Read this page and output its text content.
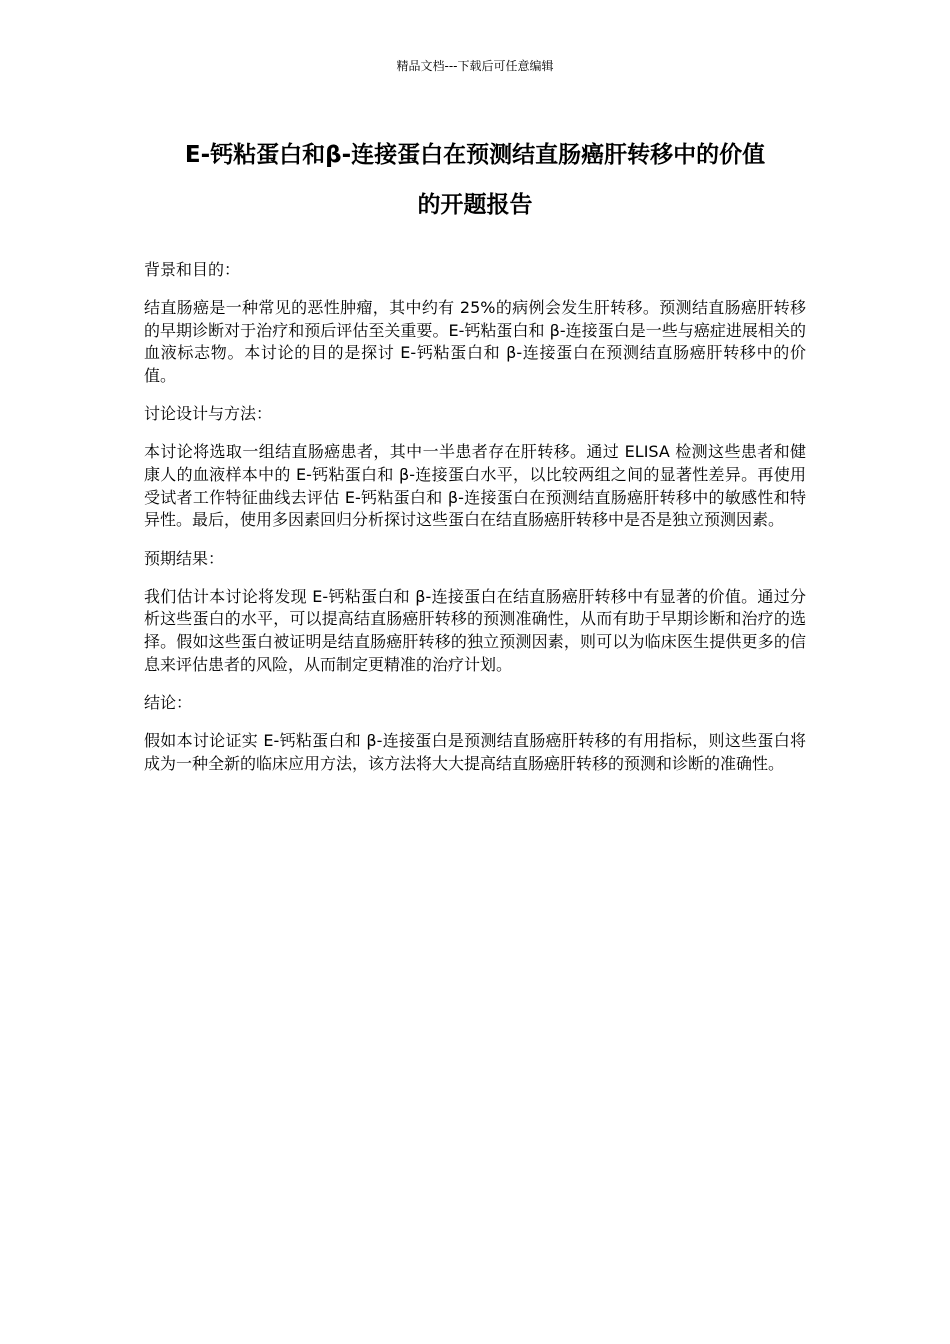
精品文档---下载后可任意编辑
E-钙粘蛋白和β-连接蛋白在预测结直肠癌肝转移中的价值
的开题报告
背景和目的：

结直肠癌是一种常见的恶性肿瘤，其中约有 25%的病例会发生肝转移。预测结直肠癌肝转移的早期诊断对于治疗和预后评估至关重要。E-钙粘蛋白和 β-连接蛋白是一些与癌症进展相关的血液标志物。本讨论的目的是探讨 E-钙粘蛋白和 β-连接蛋白在预测结直肠癌肝转移中的价值。

讨论设计与方法：

本讨论将选取一组结直肠癌患者，其中一半患者存在肝转移。通过 ELISA 检测这些患者和健康人的血液样本中的 E-钙粘蛋白和 β-连接蛋白水平，以比较两组之间的显著性差异。再使用受试者工作特征曲线去评估 E-钙粘蛋白和 β-连接蛋白在预测结直肠癌肝转移中的敏感性和特异性。最后，使用多因素回归分析探讨这些蛋白在结直肠癌肝转移中是否是独立预测因素。

预期结果：

我们估计本讨论将发现 E-钙粘蛋白和 β-连接蛋白在结直肠癌肝转移中有显著的价值。通过分析这些蛋白的水平，可以提高结直肠癌肝转移的预测准确性，从而有助于早期诊断和治疗的选择。假如这些蛋白被证明是结直肠癌肝转移的独立预测因素，则可以为临床医生提供更多的信息来评估患者的风险，从而制定更精准的治疗计划。

结论：

假如本讨论证实 E-钙粘蛋白和 β-连接蛋白是预测结直肠癌肝转移的有用指标，则这些蛋白将成为一种全新的临床应用方法，该方法将大大提高结直肠癌肝转移的预测和诊断的准确性。
